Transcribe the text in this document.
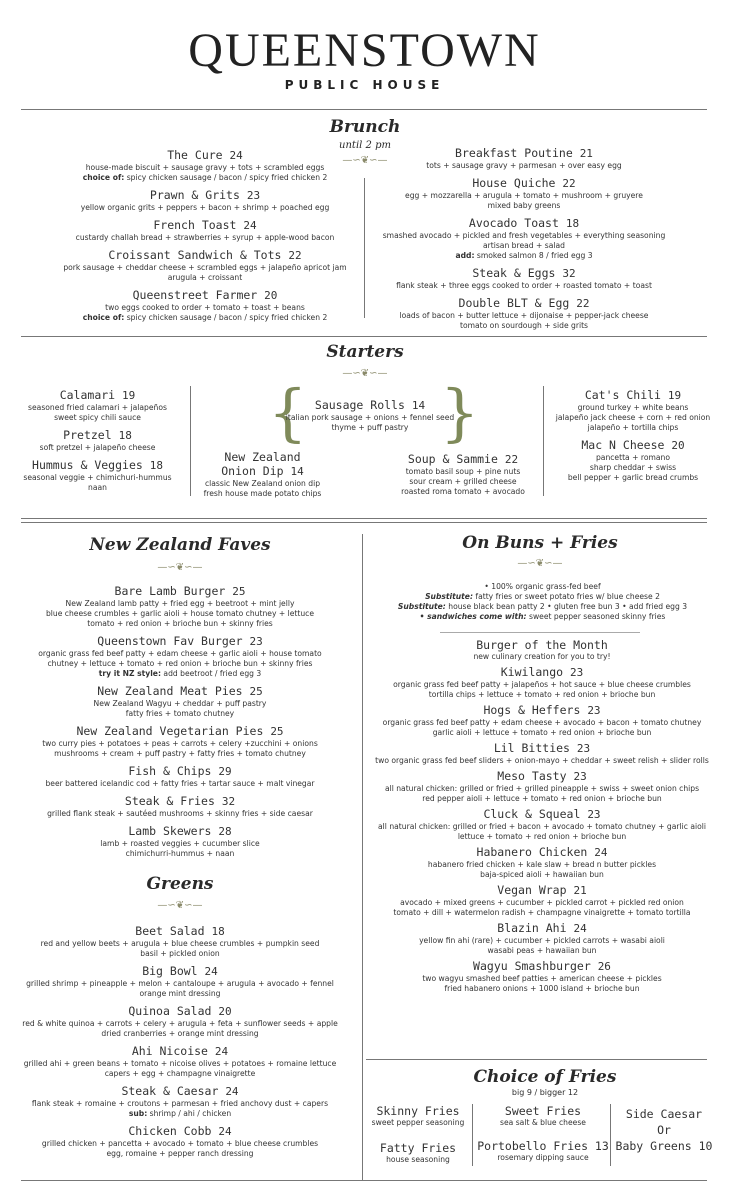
QUEENSTOWN
PUBLIC HOUSE
Brunch
until 2 pm
—∽❦∽—
The Cure 24
house-made biscuit + sausage gravy + tots + scrambled eggs
choice of: spicy chicken sausage / bacon / spicy fried chicken 2
Prawn & Grits 23
yellow organic grits + peppers + bacon + shrimp + poached egg
French Toast 24
custardy challah bread + strawberries + syrup + apple-wood bacon
Croissant Sandwich & Tots 22
pork sausage + cheddar cheese + scrambled eggs + jalapeño apricot jam
arugula + croissant
Queenstreet Farmer 20
two eggs cooked to order + tomato + toast + beans
choice of: spicy chicken sausage / bacon / spicy fried chicken 2
Breakfast Poutine 21
tots + sausage gravy + parmesan + over easy egg
House Quiche 22
egg + mozzarella + arugula + tomato + mushroom + gruyere
mixed baby greens
Avocado Toast 18
smashed avocado + pickled and fresh vegetables + everything seasoning
artisan bread + salad
add: smoked salmon 8 / fried egg 3
Steak & Eggs 32
flank steak + three eggs cooked to order + roasted tomato + toast
Double BLT & Egg 22
loads of bacon + butter lettuce + dijonaise + pepper-jack cheese
tomato on sourdough + side grits
Starters
—∽❦∽—
Calamari 19
seasoned fried calamari + jalapeños
sweet spicy chili sauce
Pretzel 18
soft pretzel + jalapeño cheese
Hummus & Veggies 18
seasonal veggie + chimichuri-hummus
naan
{ }
Sausage Rolls 14
italian pork sausage + onions + fennel seed
thyme + puff pastry
New Zealand
Onion Dip 14
classic New Zealand onion dip
fresh house made potato chips
Soup & Sammie 22
tomato basil soup + pine nuts
sour cream + grilled cheese
roasted roma tomato + avocado
Cat's Chili 19
ground turkey + white beans
jalapeño jack cheese + corn + red onion
jalapeño + tortilla chips
Mac N Cheese 20
pancetta + romano
sharp cheddar + swiss
bell pepper + garlic bread crumbs
New Zealand Faves
—∽❦∽—
Bare Lamb Burger 25
New Zealand lamb patty + fried egg + beetroot + mint jelly
blue cheese crumbles + garlic aioli + house tomato chutney + lettuce
tomato + red onion + brioche bun + skinny fries
Queenstown Fav Burger 23
organic grass fed beef patty + edam cheese + garlic aioli + house tomato
chutney + lettuce + tomato + red onion + brioche bun + skinny fries
try it NZ style: add beetroot / fried egg 3
New Zealand Meat Pies 25
New Zealand Wagyu + cheddar + puff pastry
fatty fries + tomato chutney
New Zealand Vegetarian Pies 25
two curry pies + potatoes + peas + carrots + celery +zucchini + onions
mushrooms + cream + puff pastry + fatty fries + tomato chutney
Fish & Chips 29
beer battered icelandic cod + fatty fries + tartar sauce + malt vinegar
Steak & Fries 32
grilled flank steak + sautéed mushrooms + skinny fries + side caesar
Lamb Skewers 28
lamb + roasted veggies + cucumber slice
chimichurri-hummus + naan
Greens
—∽❦∽—
Beet Salad 18
red and yellow beets + arugula + blue cheese crumbles + pumpkin seed
basil + pickled onion
Big Bowl 24
grilled shrimp + pineapple + melon + cantaloupe + arugula + avocado + fennel
orange mint dressing
Quinoa Salad 20
red & white quinoa + carrots + celery + arugula + feta + sunflower seeds + apple
dried cranberries + orange mint dressing
Ahi Nicoise 24
grilled ahi + green beans + tomato + nicoise olives + potatoes + romaine lettuce
capers + egg + champagne vinaigrette
Steak & Caesar 24
flank steak + romaine + croutons + parmesan + fried anchovy dust + capers
sub: shrimp / ahi / chicken
Chicken Cobb 24
grilled chicken + pancetta + avocado + tomato + blue cheese crumbles
egg, romaine + pepper ranch dressing
On Buns + Fries
—∽❦∽—
• 100% organic grass-fed beef
Substitute: fatty fries or sweet potato fries w/ blue cheese 2
Substitute: house black bean patty 2 • gluten free bun 3 • add fried egg 3
• sandwiches come with: sweet pepper seasoned skinny fries
Burger of the Month
new culinary creation for you to try!
Kiwilango 23
organic grass fed beef patty + jalapeños + hot sauce + blue cheese crumbles
tortilla chips + lettuce + tomato + red onion + brioche bun
Hogs & Heffers 23
organic grass fed beef patty + edam cheese + avocado + bacon + tomato chutney
garlic aioli + lettuce + tomato + red onion + brioche bun
Lil Bitties 23
two organic grass fed beef sliders + onion-mayo + cheddar + sweet relish + slider rolls
Meso Tasty 23
all natural chicken: grilled or fried + grilled pineapple + swiss + sweet onion chips
red pepper aioli + lettuce + tomato + red onion + brioche bun
Cluck & Squeal 23
all natural chicken: grilled or fried + bacon + avocado + tomato chutney + garlic aioli
lettuce + tomato + red onion + brioche bun
Habanero Chicken 24
habanero fried chicken + kale slaw + bread n butter pickles
baja-spiced aioli + hawaiian bun
Vegan Wrap 21
avocado + mixed greens + cucumber + pickled carrot + pickled red onion
tomato + dill + watermelon radish + champagne vinaigrette + tomato tortilla
Blazin Ahi 24
yellow fin ahi (rare) + cucumber + pickled carrots + wasabi aioli
wasabi peas + hawaiian bun
Wagyu Smashburger 26
two wagyu smashed beef patties + american cheese + pickles
fried habanero onions + 1000 island + brioche bun
Choice of Fries
big 9 / bigger 12
Skinny Fries
sweet pepper seasoning
Fatty Fries
house seasoning
Sweet Fries
sea salt & blue cheese
Portobello Fries 13
rosemary dipping sauce
Side Caesar
Or
Baby Greens 10
